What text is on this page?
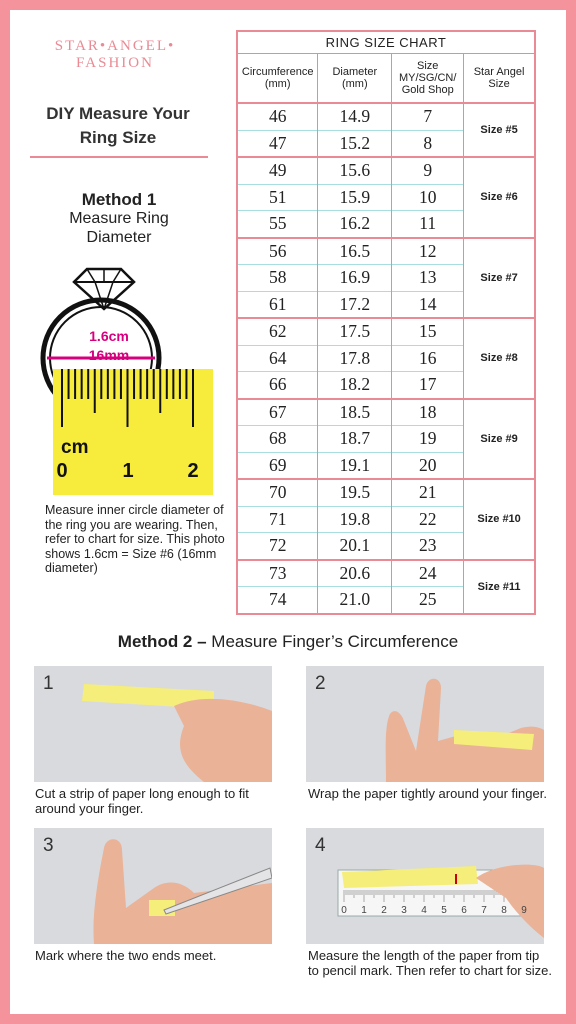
STAR•ANGEL•
FASHION
DIY Measure Your
Ring Size
Method 1
Measure Ring
Diameter
1.6cm
16mm
cm
0	1	2
Measure inner circle diameter of the ring you are wearing. Then, refer to chart for size. This photo shows 1.6cm = Size #6 (16mm diameter)
RING SIZE CHART			
Circumference (mm)	Diameter (mm)	Size MY/SG/CN/ Gold Shop	Star Angel Size
46	14.9	7	Size #5
47	15.2	8	
49	15.6	9	Size #6
51	15.9	10	
55	16.2	11	
56	16.5	12	Size #7
58	16.9	13	
61	17.2	14	
62	17.5	15	Size #8
64	17.8	16	
66	18.2	17	
67	18.5	18	Size #9
68	18.7	19	
69	19.1	20	
70	19.5	21	Size #10
71	19.8	22	
72	20.1	23	
73	20.6	24	Size #11
74	21.0	25	
Method 2 – Measure Finger’s Circumference
1
Cut a strip of paper long enough to fit around your finger.
2
Wrap the paper tightly around your finger.
3
Mark where the two ends meet.
4
0 1 2 3 4 5 6 7 8 9
Measure the length of the paper from tip to pencil mark. Then refer to chart for size.
